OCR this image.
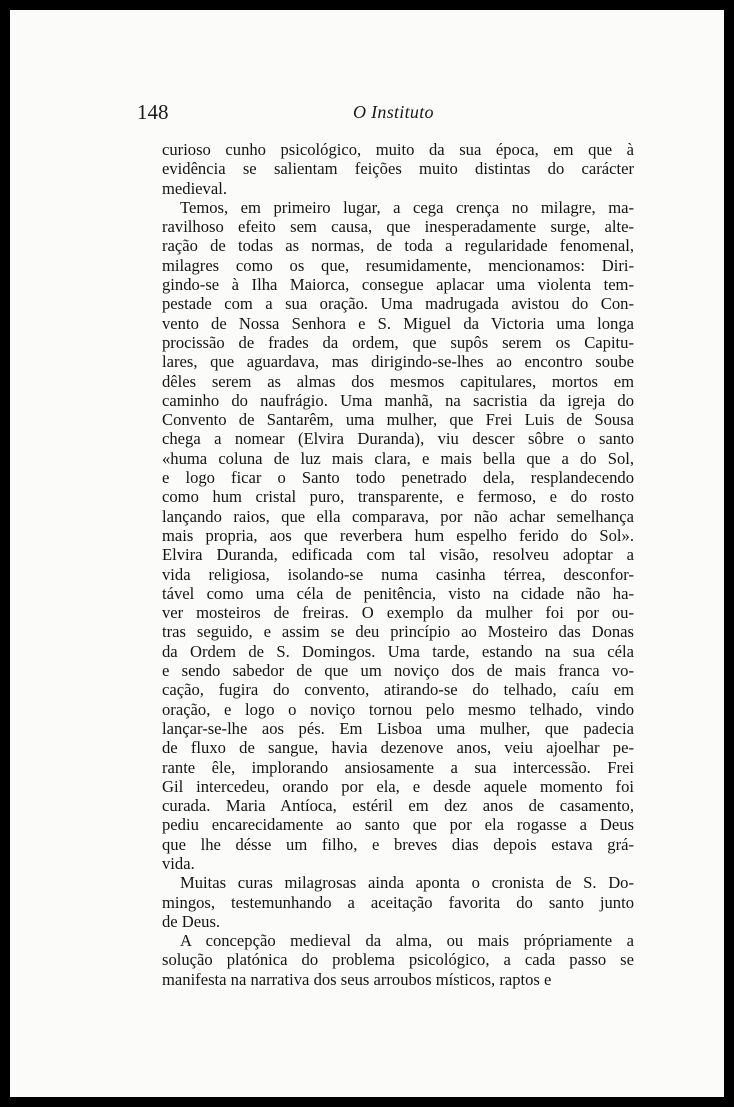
148	O Instituto
curioso cunho psicológico, muito da sua época, em que à
evidência se salientam feições muito distintas do carácter
medieval.
Temos, em primeiro lugar, a cega crença no milagre, ma-
ravilhoso efeito sem causa, que inesperadamente surge, alte-
ração de todas as normas, de toda a regularidade fenomenal,
milagres como os que, resumidamente, mencionamos: Diri-
gindo-se à Ilha Maiorca, consegue aplacar uma violenta tem-
pestade com a sua oração. Uma madrugada avistou do Con-
vento de Nossa Senhora e S. Miguel da Victoria uma longa
procissão de frades da ordem, que supôs serem os Capitu-
lares, que aguardava, mas dirigindo-se-lhes ao encontro soube
dêles serem as almas dos mesmos capitulares, mortos em
caminho do naufrágio. Uma manhã, na sacristia da igreja do
Convento de Santarêm, uma mulher, que Frei Luis de Sousa
chega a nomear (Elvira Duranda), viu descer sôbre o santo
«huma coluna de luz mais clara, e mais bella que a do Sol,
e logo ficar o Santo todo penetrado dela, resplandecendo
como hum cristal puro, transparente, e fermoso, e do rosto
lançando raios, que ella comparava, por não achar semelhança
mais propria, aos que reverbera hum espelho ferido do Sol».
Elvira Duranda, edificada com tal visão, resolveu adoptar a
vida religiosa, isolando-se numa casinha térrea, desconfor-
tável como uma céla de penitência, visto na cidade não ha-
ver mosteiros de freiras. O exemplo da mulher foi por ou-
tras seguido, e assim se deu princípio ao Mosteiro das Donas
da Ordem de S. Domingos. Uma tarde, estando na sua céla
e sendo sabedor de que um noviço dos de mais franca vo-
cação, fugira do convento, atirando-se do telhado, caíu em
oração, e logo o noviço tornou pelo mesmo telhado, vindo
lançar-se-lhe aos pés. Em Lisboa uma mulher, que padecia
de fluxo de sangue, havia dezenove anos, veiu ajoelhar pe-
rante êle, implorando ansiosamente a sua intercessão. Frei
Gil intercedeu, orando por ela, e desde aquele momento foi
curada. Maria Antíoca, estéril em dez anos de casamento,
pediu encarecidamente ao santo que por ela rogasse a Deus
que lhe désse um filho, e breves dias depois estava grá-
vida.
Muitas curas milagrosas ainda aponta o cronista de S. Do-
mingos, testemunhando a aceitação favorita do santo junto
de Deus.
A concepção medieval da alma, ou mais própriamente a
solução platónica do problema psicológico, a cada passo se
manifesta na narrativa dos seus arroubos místicos, raptos e
